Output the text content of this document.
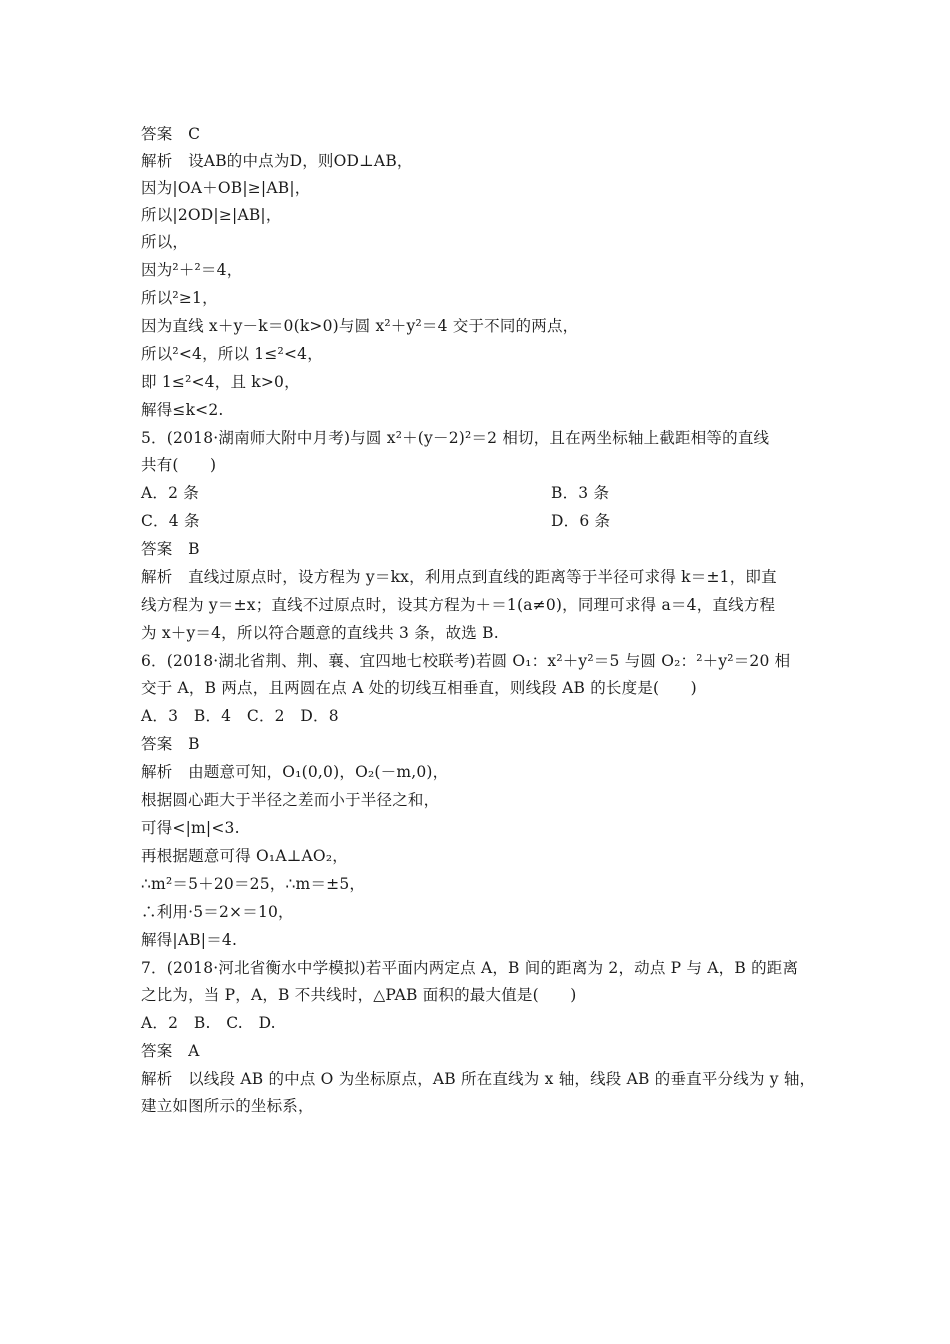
答案　C
解析　设AB的中点为D，则OD⊥AB，
因为|OA＋OB|≥|AB|，
所以|2OD|≥|AB|，
所以，
因为²＋²＝4，
所以²≥1，
因为直线 x＋y－k＝0(k>0)与圆 x²＋y²＝4 交于不同的两点，
所以²<4，所以 1≤²<4，
即 1≤²<4，且 k>0，
解得≤k<2.
5．(2018·湖南师大附中月考)与圆 x²＋(y－2)²＝2 相切，且在两坐标轴上截距相等的直线
共有(　　)
A．2 条	B．3 条
C．4 条	D．6 条
答案　B
解析　直线过原点时，设方程为 y＝kx，利用点到直线的距离等于半径可求得 k＝±1，即直
线方程为 y＝±x；直线不过原点时，设其方程为＋＝1(a≠0)，同理可求得 a＝4，直线方程
为 x＋y＝4，所以符合题意的直线共 3 条，故选 B.
6．(2018·湖北省荆、荆、襄、宜四地七校联考)若圆 O₁：x²＋y²＝5 与圆 O₂：²＋y²＝20 相
交于 A，B 两点，且两圆在点 A 处的切线互相垂直，则线段 AB 的长度是(　　)
A．3　B．4　C．2　D．8
答案　B
解析　由题意可知，O₁(0,0)，O₂(－m,0)，
根据圆心距大于半径之差而小于半径之和，
可得<|m|<3.
再根据题意可得 O₁A⊥AO₂，
∴m²＝5＋20＝25，∴m＝±5，
∴利用·5＝2×＝10，
解得|AB|＝4.
7．(2018·河北省衡水中学模拟)若平面内两定点 A，B 间的距离为 2，动点 P 与 A，B 的距离
之比为，当 P，A，B 不共线时，△PAB 面积的最大值是(　　)
A．2　B.　C.　D.
答案　A
解析　以线段 AB 的中点 O 为坐标原点，AB 所在直线为 x 轴，线段 AB 的垂直平分线为 y 轴，
建立如图所示的坐标系，
